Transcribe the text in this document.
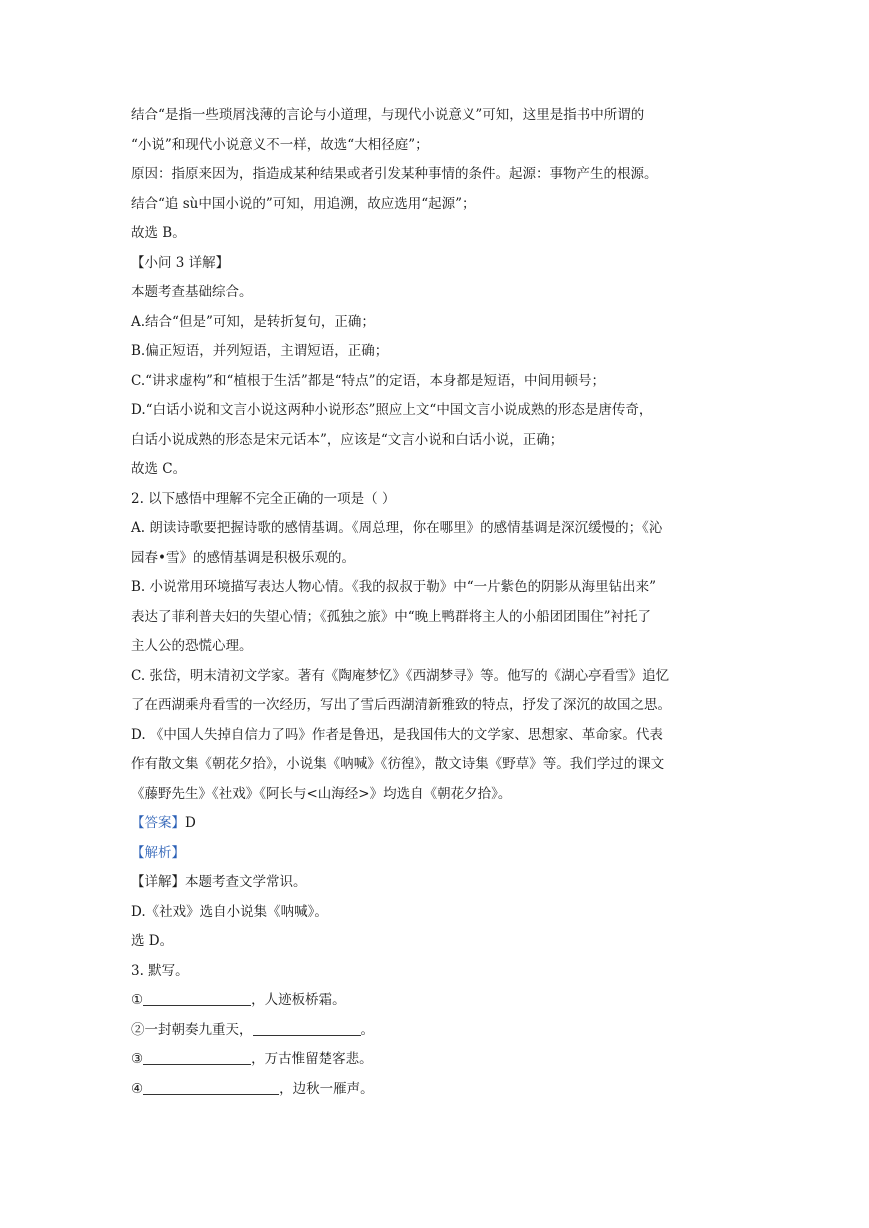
结合“是指一些琐屑浅薄的言论与小道理，与现代小说意义”可知，这里是指书中所谓的
“小说”和现代小说意义不一样，故选“大相径庭”；
原因：指原来因为，指造成某种结果或者引发某种事情的条件。起源：事物产生的根源。
结合“追 sù中国小说的”可知，用追溯，故应选用“起源”；
故选 B。
【小问 3 详解】
本题考查基础综合。
A.结合“但是”可知，是转折复句，正确；
B.偏正短语，并列短语，主谓短语，正确；
C.“讲求虚构”和“植根于生活”都是“特点”的定语，本身都是短语，中间用顿号；
D.“白话小说和文言小说这两种小说形态”照应上文“中国文言小说成熟的形态是唐传奇，
白话小说成熟的形态是宋元话本”，应该是“文言小说和白话小说，正确；
故选 C。
2. 以下感悟中理解不完全正确的一项是（ ）
A. 朗读诗歌要把握诗歌的感情基调。《周总理，你在哪里》的感情基调是深沉缓慢的；《沁
园春•雪》的感情基调是积极乐观的。
B. 小说常用环境描写表达人物心情。《我的叔叔于勒》中“一片紫色的阴影从海里钻出来”
表达了菲利普夫妇的失望心情；《孤独之旅》中“晚上鸭群将主人的小船团团围住”衬托了
主人公的恐慌心理。
C. 张岱，明末清初文学家。著有《陶庵梦忆》《西湖梦寻》等。他写的《湖心亭看雪》追忆
了在西湖乘舟看雪的一次经历，写出了雪后西湖清新雅致的特点，抒发了深沉的故国之思。
D. 《中国人失掉自信力了吗》作者是鲁迅，是我国伟大的文学家、思想家、革命家。代表
作有散文集《朝花夕拾》，小说集《呐喊》《彷徨》，散文诗集《野草》等。我们学过的课文
《藤野先生》《社戏》《阿长与<山海经>》均选自《朝花夕拾》。
【答案】D
【解析】
【详解】本题考查文学常识。
D.《社戏》选自小说集《呐喊》。
选 D。
3. 默写。
①	，人迹板桥霜。
②一封朝奏九重天，	。
③	，万古惟留楚客悲。
④	，边秋一雁声。
